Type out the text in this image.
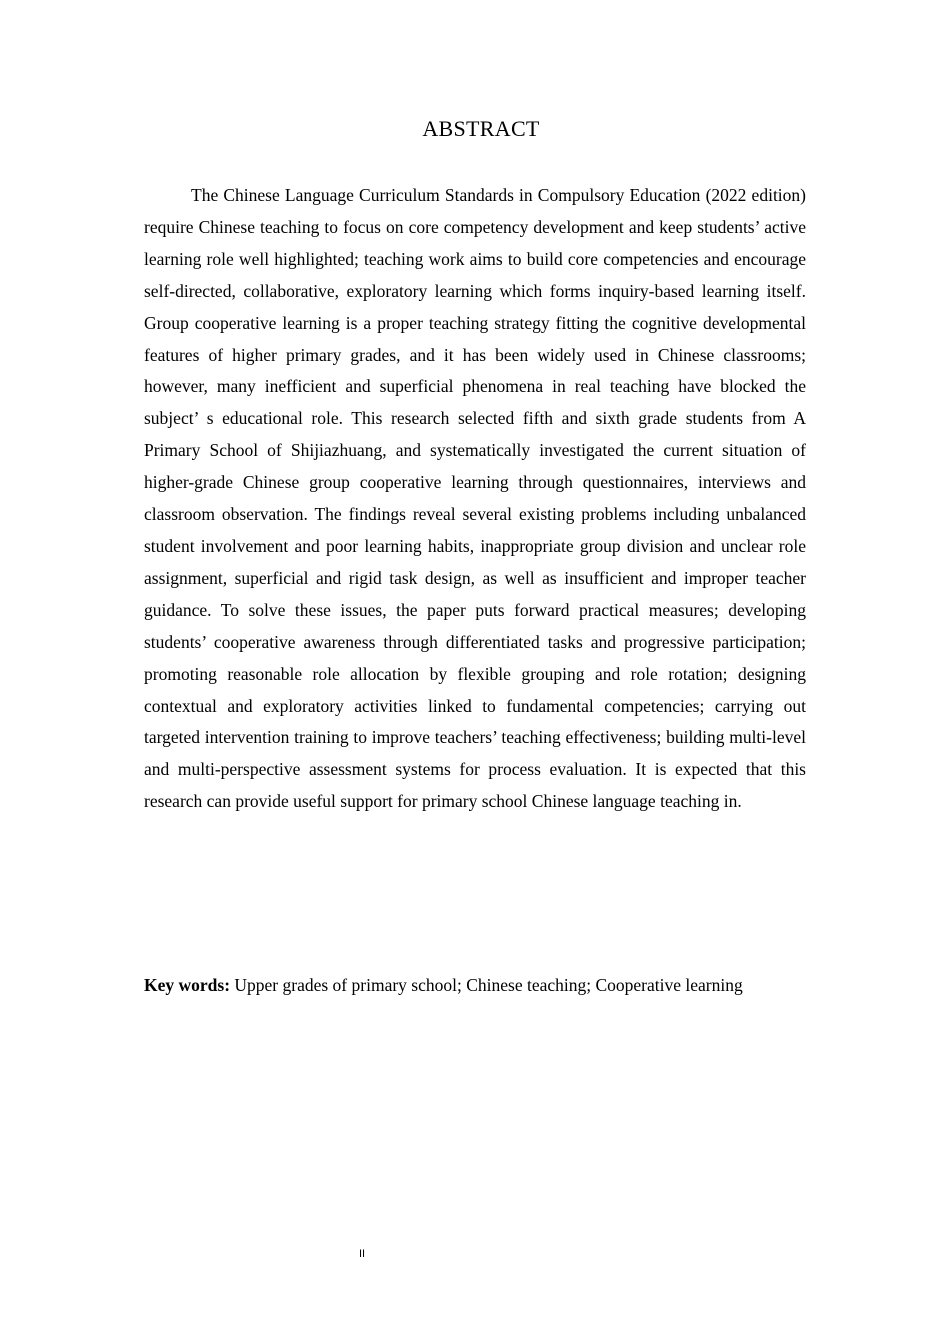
ABSTRACT

The Chinese Language Curriculum Standards in Compulsory Education (2022 edition) require Chinese teaching to focus on core competency development and keep students’ active learning role well highlighted; teaching work aims to build core competencies and encourage self-directed, collaborative, exploratory learning which forms inquiry-based learning itself. Group cooperative learning is a proper teaching strategy fitting the cognitive developmental features of higher primary grades, and it has been widely used in Chinese classrooms; however, many inefficient and superficial phenomena in real teaching have blocked the subject’ s educational role. This research selected fifth and sixth grade students from A Primary School of Shijiazhuang, and systematically investigated the current situation of higher-grade Chinese group cooperative learning through questionnaires, interviews and classroom observation. The findings reveal several existing problems including unbalanced student involvement and poor learning habits, inappropriate group division and unclear role assignment, superficial and rigid task design, as well as insufficient and improper teacher guidance. To solve these issues, the paper puts forward practical measures; developing students’ cooperative awareness through differentiated tasks and progressive participation; promoting reasonable role allocation by flexible grouping and role rotation; designing contextual and exploratory activities linked to fundamental competencies; carrying out targeted intervention training to improve teachers’ teaching effectiveness; building multi-level and multi-perspective assessment systems for process evaluation. It is expected that this research can provide useful support for primary school Chinese language teaching in.

Key words: Upper grades of primary school; Chinese teaching; Cooperative learning

II
